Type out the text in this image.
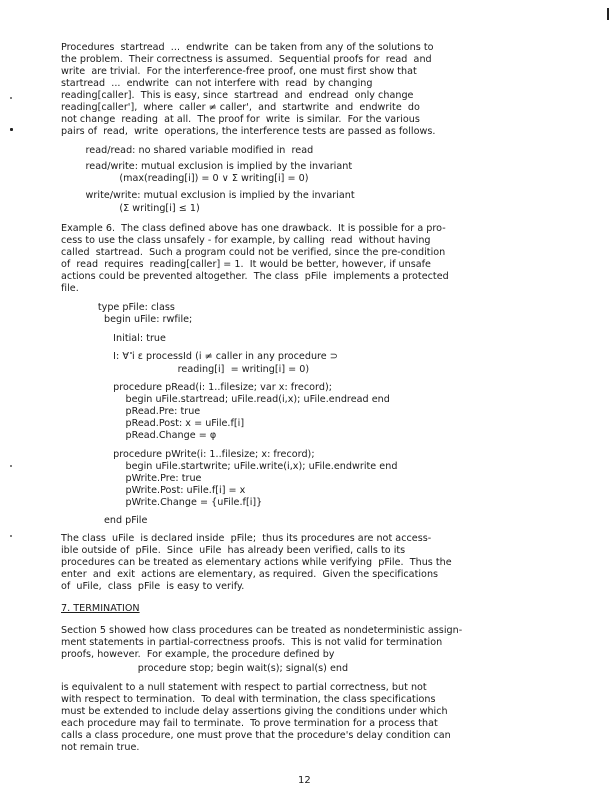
Procedures  startread  ...  endwrite  can be taken from any of the solutions to
the problem.  Their correctness is assumed.  Sequential proofs for  read  and
write  are trivial.  For the interference-free proof, one must first show that
startread  ...  endwrite  can not interfere with  read  by changing
reading[caller].  This is easy, since  startread  and  endread  only change
reading[caller'],  where  caller ≠ caller',  and  startwrite  and  endwrite  do
not change  reading  at all.  The proof for  write  is similar.  For the various
pairs of  read,  write  operations, the interference tests are passed as follows.
read/read: no shared variable modified in  read
read/write: mutual exclusion is implied by the invariant
(max(reading[i]) = 0 ∨ Σ writing[i] = 0)
write/write: mutual exclusion is implied by the invariant
(Σ writing[i] ≤ 1)
Example 6.  The class defined above has one drawback.  It is possible for a pro-
cess to use the class unsafely - for example, by calling  read  without having
called  startread.  Such a program could not be verified, since the pre-condition
of  read  requires  reading[caller] = 1.  It would be better, however, if unsafe
actions could be prevented altogether.  The class  pFile  implements a protected
file.
type pFile: class
begin uFile: rwfile;
Initial: true
I: ∀ i ε processId (i ≠ caller in any procedure ⊃
reading[i]  = writing[i] = 0)
procedure pRead(i: 1..filesize; var x: frecord);
begin uFile.startread; uFile.read(i,x); uFile.endread end
pRead.Pre: true
pRead.Post: x = uFile.f[i]
pRead.Change = φ
procedure pWrite(i: 1..filesize; x: frecord);
begin uFile.startwrite; uFile.write(i,x); uFile.endwrite end
pWrite.Pre: true
pWrite.Post: uFile.f[i] = x
pWrite.Change = {uFile.f[i]}
end pFile
The class  uFile  is declared inside  pFile;  thus its procedures are not access-
ible outside of  pFile.  Since  uFile  has already been verified, calls to its
procedures can be treated as elementary actions while verifying  pFile.  Thus the
enter  and  exit  actions are elementary, as required.  Given the specifications
of  uFile,  class  pFile  is easy to verify.
7. TERMINATION
Section 5 showed how class procedures can be treated as nondeterministic assign-
ment statements in partial-correctness proofs.  This is not valid for termination
proofs, however.  For example, the procedure defined by
procedure stop; begin wait(s); signal(s) end
is equivalent to a null statement with respect to partial correctness, but not
with respect to termination.  To deal with termination, the class specifications
must be extended to include delay assertions giving the conditions under which
each procedure may fail to terminate.  To prove termination for a process that
calls a class procedure, one must prove that the procedure's delay condition can
not remain true.
12
